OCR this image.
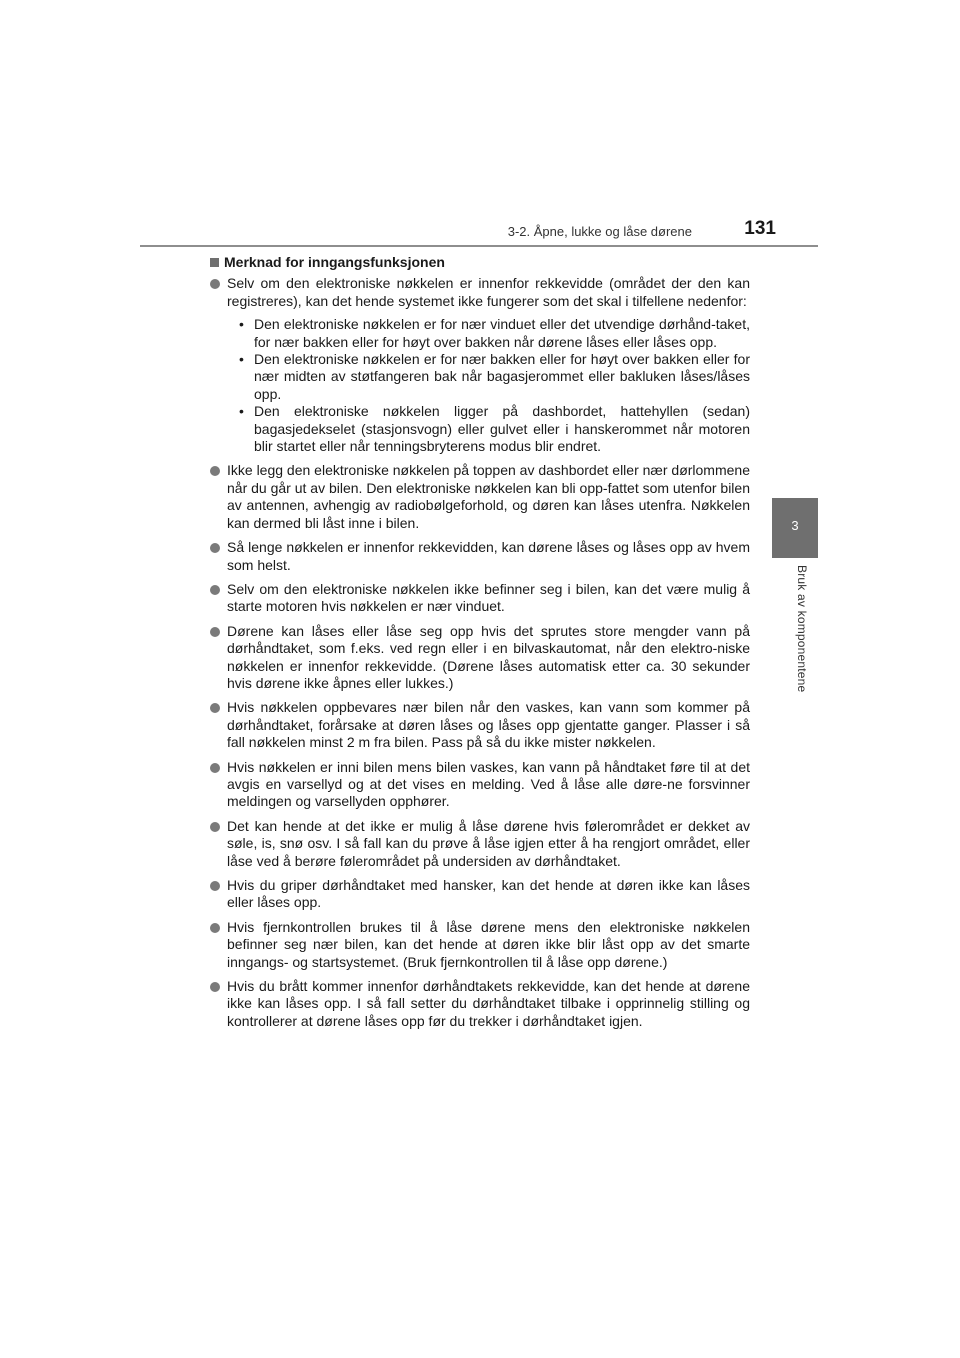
3-2. Åpne, lukke og låse dørene	131
3
Bruk av komponentene
Merknad for inngangsfunksjonen
Selv om den elektroniske nøkkelen er innenfor rekkevidde (området der den kan registreres), kan det hende systemet ikke fungerer som det skal i tilfellene nedenfor:
• Den elektroniske nøkkelen er for nær vinduet eller det utvendige dørhånd-taket, for nær bakken eller for høyt over bakken når dørene låses eller låses opp.
• Den elektroniske nøkkelen er for nær bakken eller for høyt over bakken eller for nær midten av støtfangeren bak når bagasjerommet eller bakluken låses/låses opp.
• Den elektroniske nøkkelen ligger på dashbordet, hattehyllen (sedan) bagasjedekselet (stasjonsvogn) eller gulvet eller i hanskerommet når motoren blir startet eller når tenningsbryterens modus blir endret.
Ikke legg den elektroniske nøkkelen på toppen av dashbordet eller nær dørlommene når du går ut av bilen. Den elektroniske nøkkelen kan bli opp-fattet som utenfor bilen av antennen, avhengig av radiobølgeforhold, og døren kan låses utenfra. Nøkkelen kan dermed bli låst inne i bilen.
Så lenge nøkkelen er innenfor rekkevidden, kan dørene låses og låses opp av hvem som helst.
Selv om den elektroniske nøkkelen ikke befinner seg i bilen, kan det være mulig å starte motoren hvis nøkkelen er nær vinduet.
Dørene kan låses eller låse seg opp hvis det sprutes store mengder vann på dørhåndtaket, som f.eks. ved regn eller i en bilvaskautomat, når den elektro-niske nøkkelen er innenfor rekkevidde. (Dørene låses automatisk etter ca. 30 sekunder hvis dørene ikke åpnes eller lukkes.)
Hvis nøkkelen oppbevares nær bilen når den vaskes, kan vann som kommer på dørhåndtaket, forårsake at døren låses og låses opp gjentatte ganger. Plasser i så fall nøkkelen minst 2 m fra bilen. Pass på så du ikke mister nøkkelen.
Hvis nøkkelen er inni bilen mens bilen vaskes, kan vann på håndtaket føre til at det avgis en varsellyd og at det vises en melding. Ved å låse alle døre-ne forsvinner meldingen og varsellyden opphører.
Det kan hende at det ikke er mulig å låse dørene hvis følerområdet er dekket av søle, is, snø osv. I så fall kan du prøve å låse igjen etter å ha rengjort området, eller låse ved å berøre følerområdet på undersiden av dørhåndtaket.
Hvis du griper dørhåndtaket med hansker, kan det hende at døren ikke kan låses eller låses opp.
Hvis fjernkontrollen brukes til å låse dørene mens den elektroniske nøkkelen befinner seg nær bilen, kan det hende at døren ikke blir låst opp av det smarte inngangs- og startsystemet. (Bruk fjernkontrollen til å låse opp dørene.)
Hvis du brått kommer innenfor dørhåndtakets rekkevidde, kan det hende at dørene ikke kan låses opp. I så fall setter du dørhåndtaket tilbake i opprinnelig stilling og kontrollerer at dørene låses opp før du trekker i dørhåndtaket igjen.
